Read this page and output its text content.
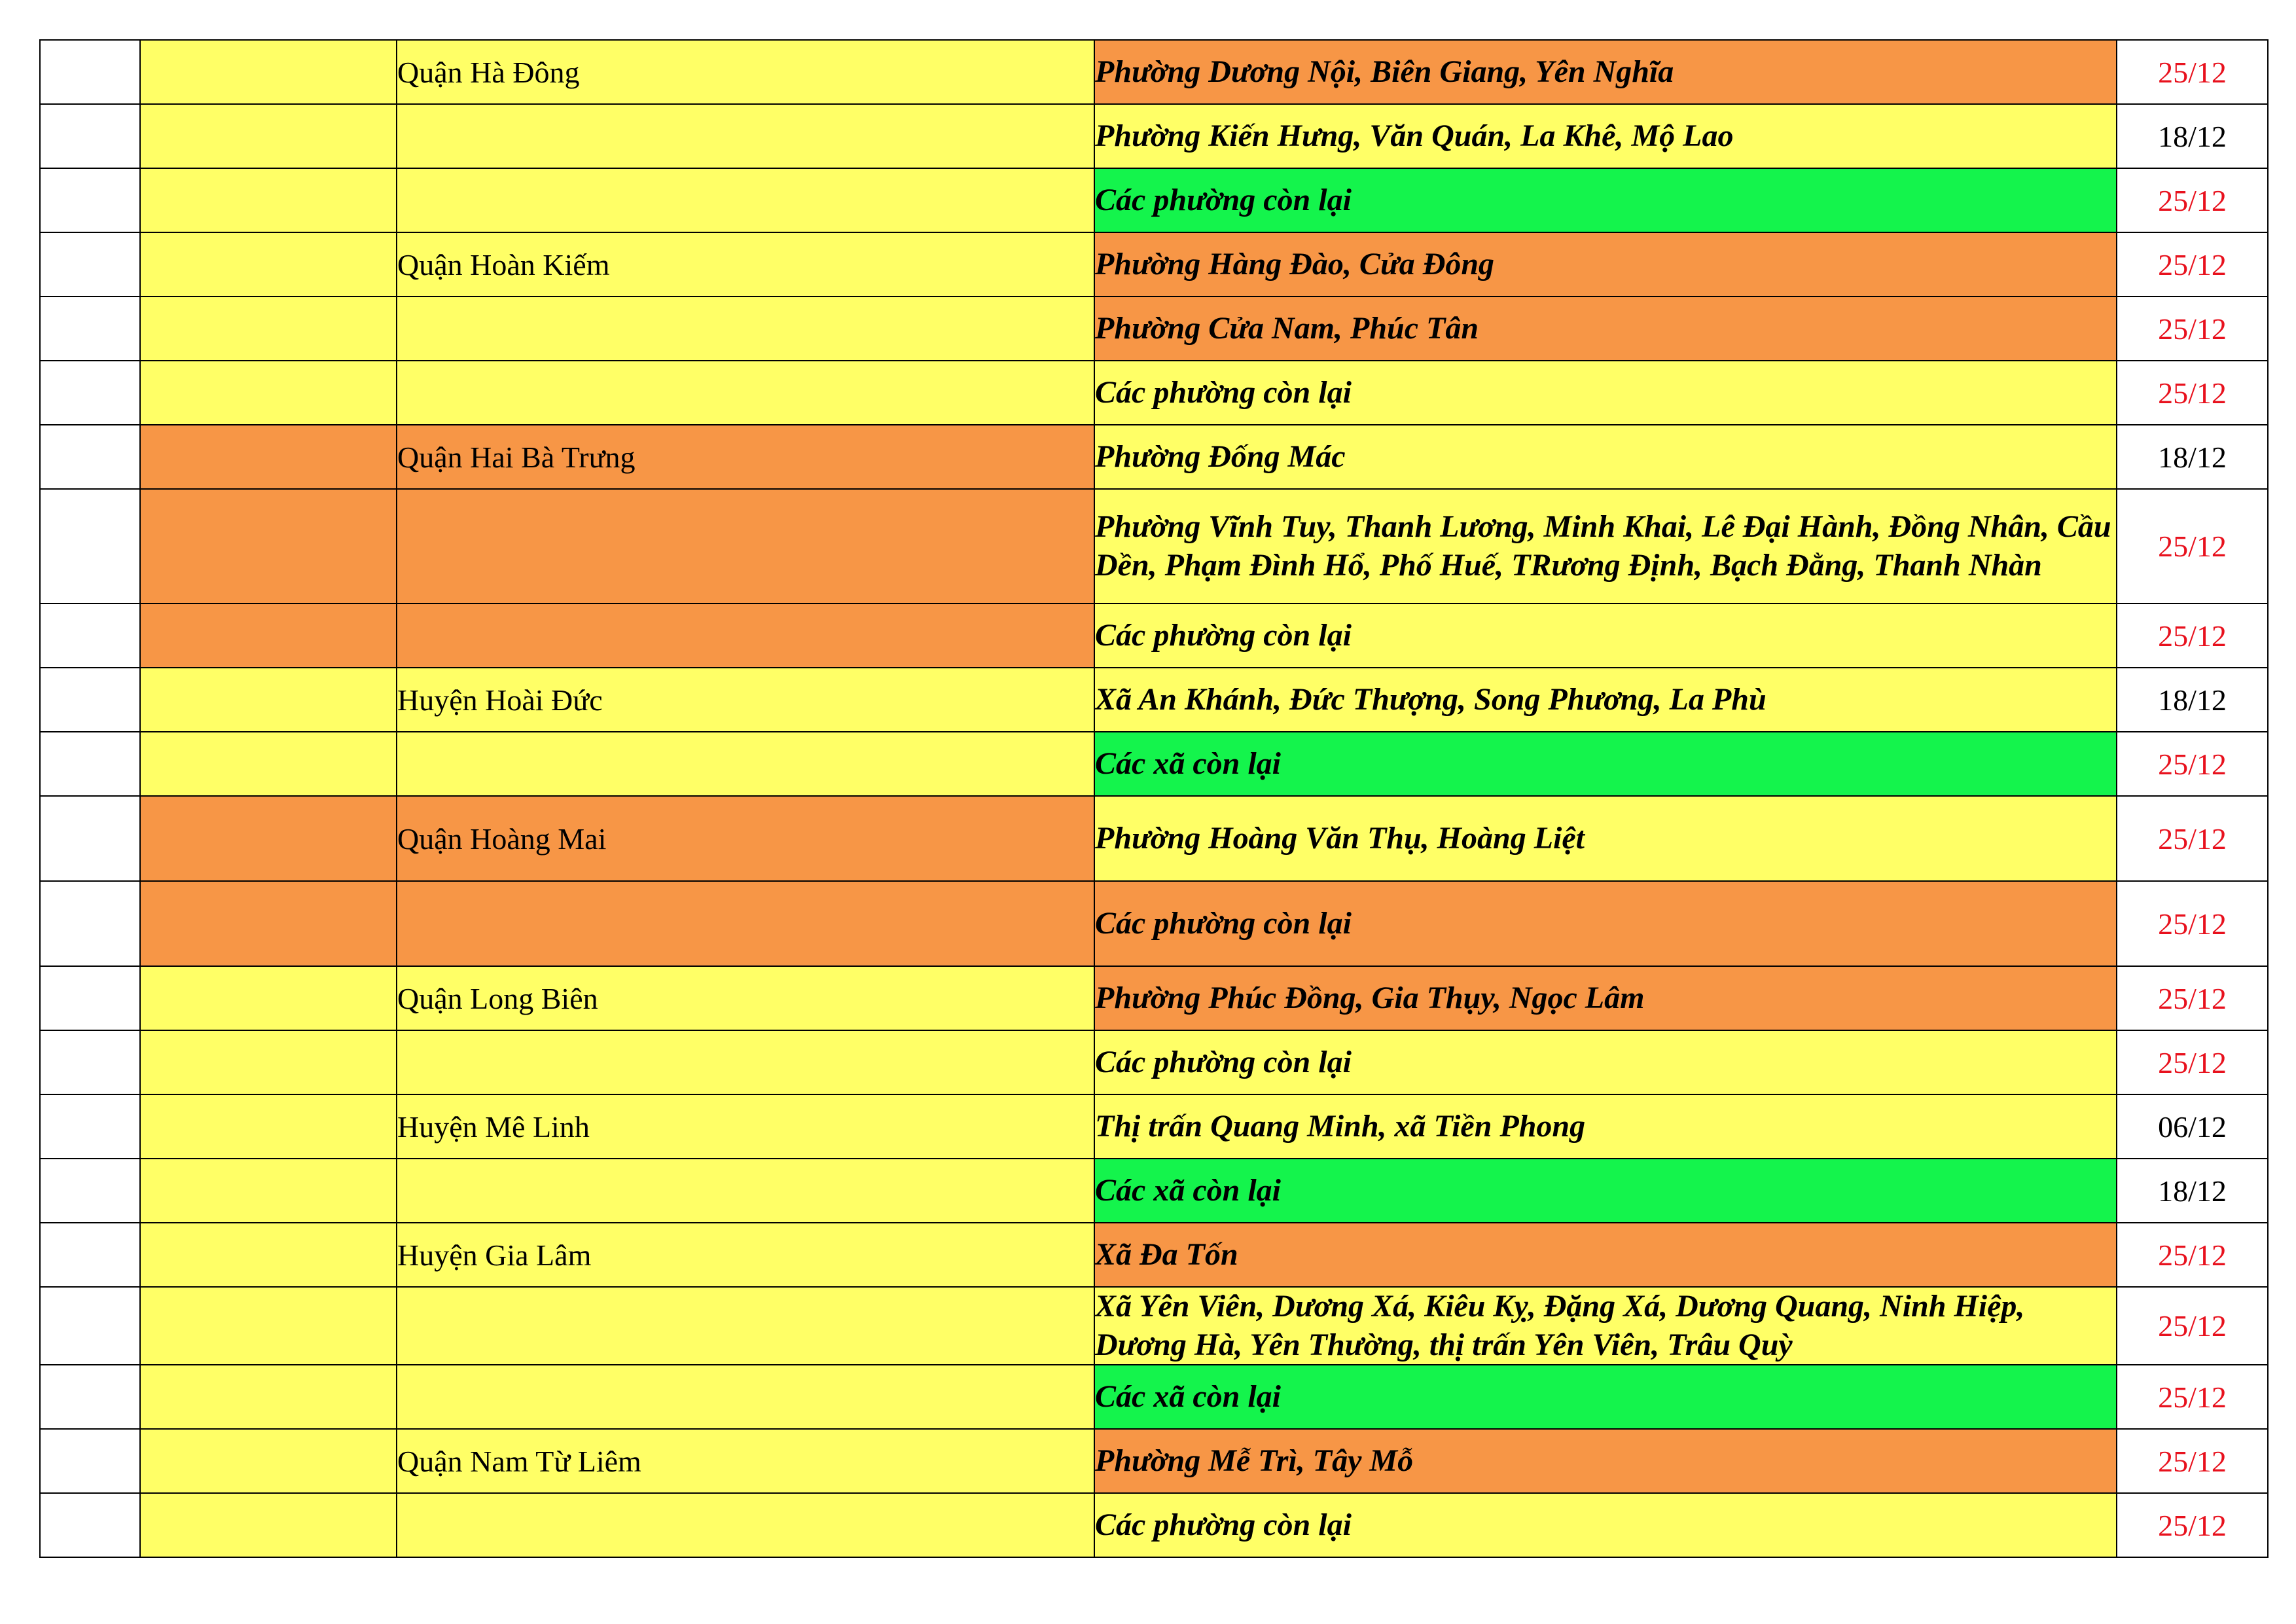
		Quận Hà Đông	Phường Dương Nội, Biên Giang, Yên Nghĩa	25/12
			Phường Kiến Hưng, Văn Quán, La Khê, Mộ Lao	18/12
			Các phường còn lại	25/12
		Quận Hoàn Kiếm	Phường Hàng Đào, Cửa Đông	25/12
			Phường Cửa Nam, Phúc Tân	25/12
			Các phường còn lại	25/12
		Quận Hai Bà Trưng	Phường Đống Mác	18/12
			Phường Vĩnh Tuy, Thanh Lương, Minh Khai, Lê Đại Hành, Đồng Nhân, Cầu Dền, Phạm Đình Hổ, Phố Huế, TRương Định, Bạch Đằng, Thanh Nhàn	25/12
			Các phường còn lại	25/12
		Huyện Hoài Đức	Xã An Khánh, Đức Thượng, Song Phương, La Phù	18/12
			Các xã còn lại	25/12
		Quận Hoàng Mai	Phường Hoàng Văn Thụ, Hoàng Liệt	25/12
			Các phường còn lại	25/12
		Quận Long Biên	Phường Phúc Đồng, Gia Thụy, Ngọc Lâm	25/12
			Các phường còn lại	25/12
		Huyện Mê Linh	Thị trấn Quang Minh, xã Tiền Phong	06/12
			Các xã còn lại	18/12
		Huyện Gia Lâm	Xã Đa Tốn	25/12
			Xã Yên Viên, Dương Xá, Kiêu Kỵ, Đặng Xá, Dương Quang, Ninh Hiệp, Dương Hà, Yên Thường, thị trấn Yên Viên, Trâu Quỳ	25/12
			Các xã còn lại	25/12
		Quận Nam Từ Liêm	Phường Mễ Trì, Tây Mỗ	25/12
			Các phường còn lại	25/12
